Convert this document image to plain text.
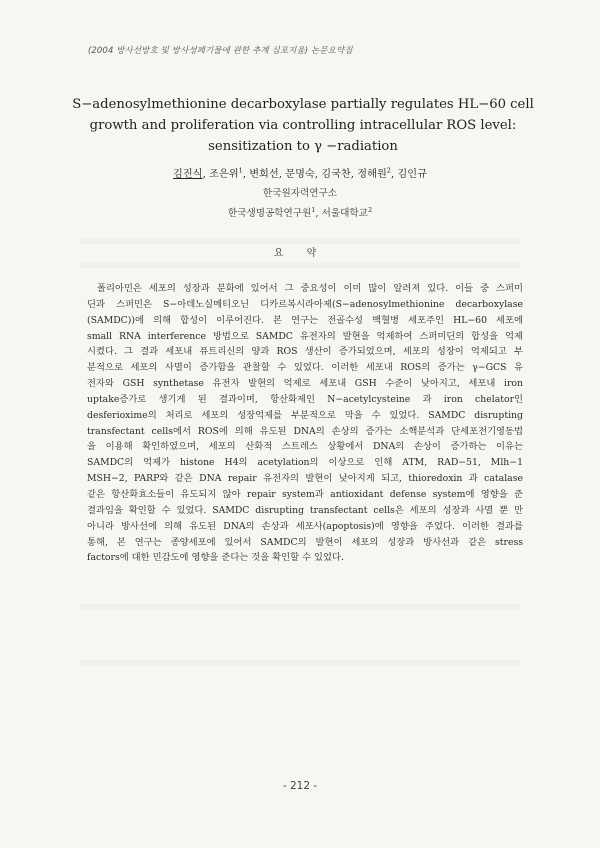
(2004 방사선방호 및 방사성폐기물에 관한 추계 심포지움) 논문요약집
S−adenosylmethionine decarboxylase partially regulates HL−60 cell
growth and proliferation via controlling intracellular ROS level:
sensitization to γ −radiation
김진식, 조은위$^1$, 변희선, 문명숙, 김국찬, 정해원$^2$, 김인규
한국원자력연구소
한국생명공학연구원$^1$, 서울대학교$^2$
요 약
폴리아민은 세포의 성장과 분화에 있어서 그 중요성이 이미 많이 알려져 있다. 이들 중 스퍼미
딘과 스퍼민은 S−아데노실메티오닌 디카르복시라아제(S−adenosylmethionine decarboxylase
(SAMDC))에 의해 합성이 이루어진다. 본 연구는 전골수성 백혈병 세포주인 HL−60 세포에
small RNA interference 방법으로 SAMDC 유전자의 발현을 억제하여 스퍼미딘의 합성을 억제
시켰다. 그 결과 세포내 퓨트리신의 양과 ROS 생산이 증가되었으며, 세포의 성장이 억제되고 부
분적으로 세포의 사멸이 증가함을 관찰할 수 있었다. 이러한 세포내 ROS의 증가는 γ−GCS 유
전자와 GSH synthetase 유전자 발현의 억제로 세포내 GSH 수준이 낮아지고, 세포내 iron
uptake증가로 생기게 된 결과이며, 항산화제인 N−acetylcysteine 과 iron chelator인
desferioxime의 처리로 세포의 성장억제를 부분적으로 막을 수 있었다. SAMDC disrupting
transfectant cells에서 ROS에 의해 유도된 DNA의 손상의 증가는 소핵분석과 단세포전기영동법
을 이용해 확인하였으며, 세포의 산화적 스트레스 상황에서 DNA의 손상이 증가하는 이유는
SAMDC의 억제가 histone H4의 acetylation의 이상으로 인해 ATM, RAD−51, Mlh−1
MSH−2, PARP와 같은 DNA repair 유전자의 발현이 낮아지게 되고, thioredoxin 과 catalase
같은 항산화효소들이 유도되지 않아 repair system과 antioxidant defense system에 영향을 준
결과임을 확인할 수 있었다. SAMDC disrupting transfectant cells은 세포의 성장과 사멸 뿐 만
아니라 방사선에 의해 유도된 DNA의 손상과 세포사(apoptosis)에 영향을 주었다. 이러한 결과를
통해, 본 연구는 종양세포에 있어서 SAMDC의 발현이 세포의 성장과 방사선과 같은 stress
factors에 대한 민감도에 영향을 준다는 것을 확인할 수 있었다.
- 212 -
